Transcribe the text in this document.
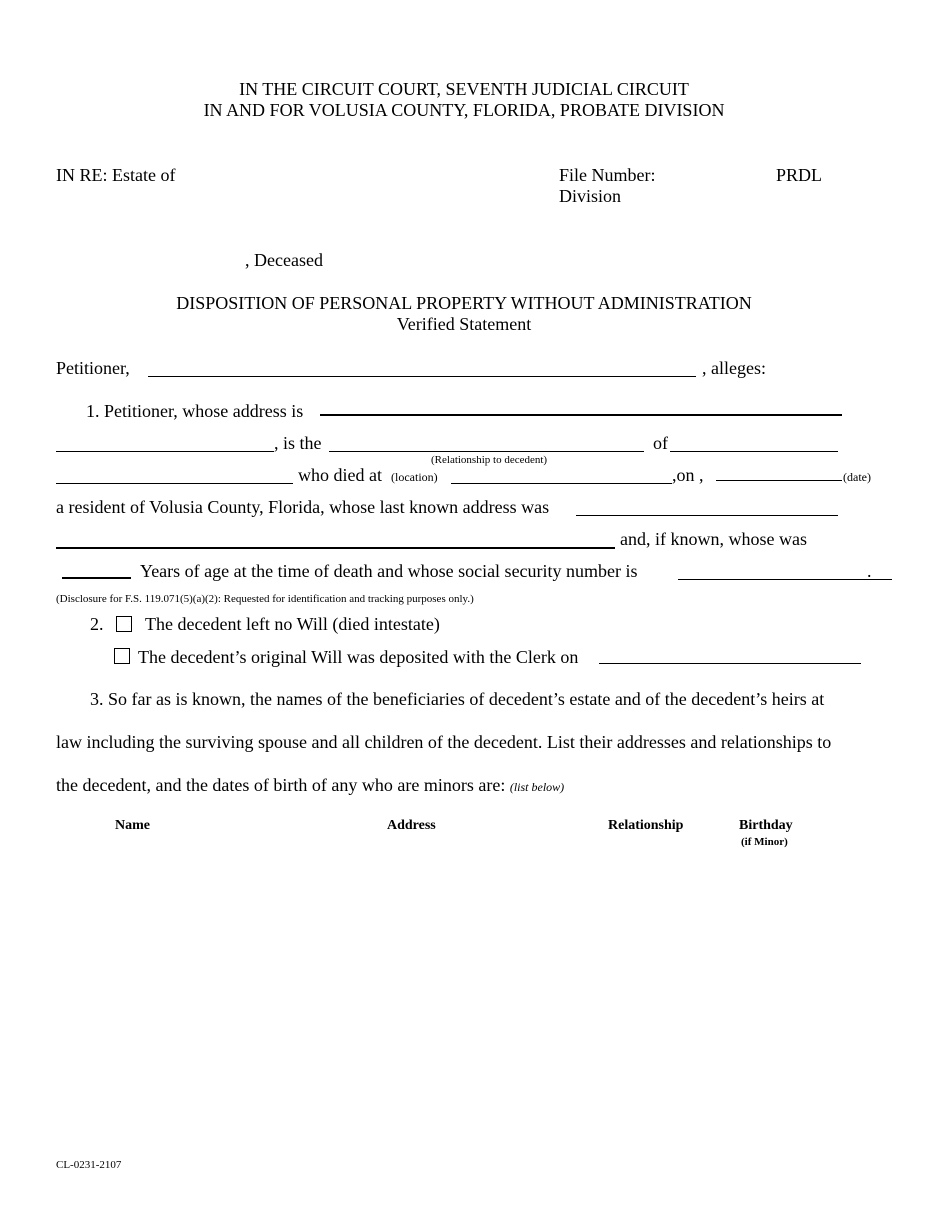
IN THE CIRCUIT COURT, SEVENTH JUDICIAL CIRCUIT
IN AND FOR VOLUSIA COUNTY, FLORIDA, PROBATE DIVISION
IN RE: Estate of	File Number:	PRDL
Division
, Deceased
DISPOSITION OF PERSONAL PROPERTY WITHOUT ADMINISTRATION
Verified Statement
Petitioner,	, alleges:
1. Petitioner, whose address is
, is the	of
(Relationship to decedent)
who died at (location)	,on ,	(date)
a resident of Volusia County, Florida, whose last known address was
and, if known, whose was
Years of age at the time of death and whose social security number is	.
(Disclosure for F.S. 119.071(5)(a)(2): Requested for identification and tracking purposes only.)
2. The decedent left no Will (died intestate)
The decedent’s original Will was deposited with the Clerk on
3. So far as is known, the names of the beneficiaries of decedent’s estate and of the decedent’s heirs at
law including the surviving spouse and all children of the decedent. List their addresses and relationships to
the decedent, and the dates of birth of any who are minors are: (list below)
Name	Address	Relationship	Birthday
(if Minor)
CL-0231-2107
